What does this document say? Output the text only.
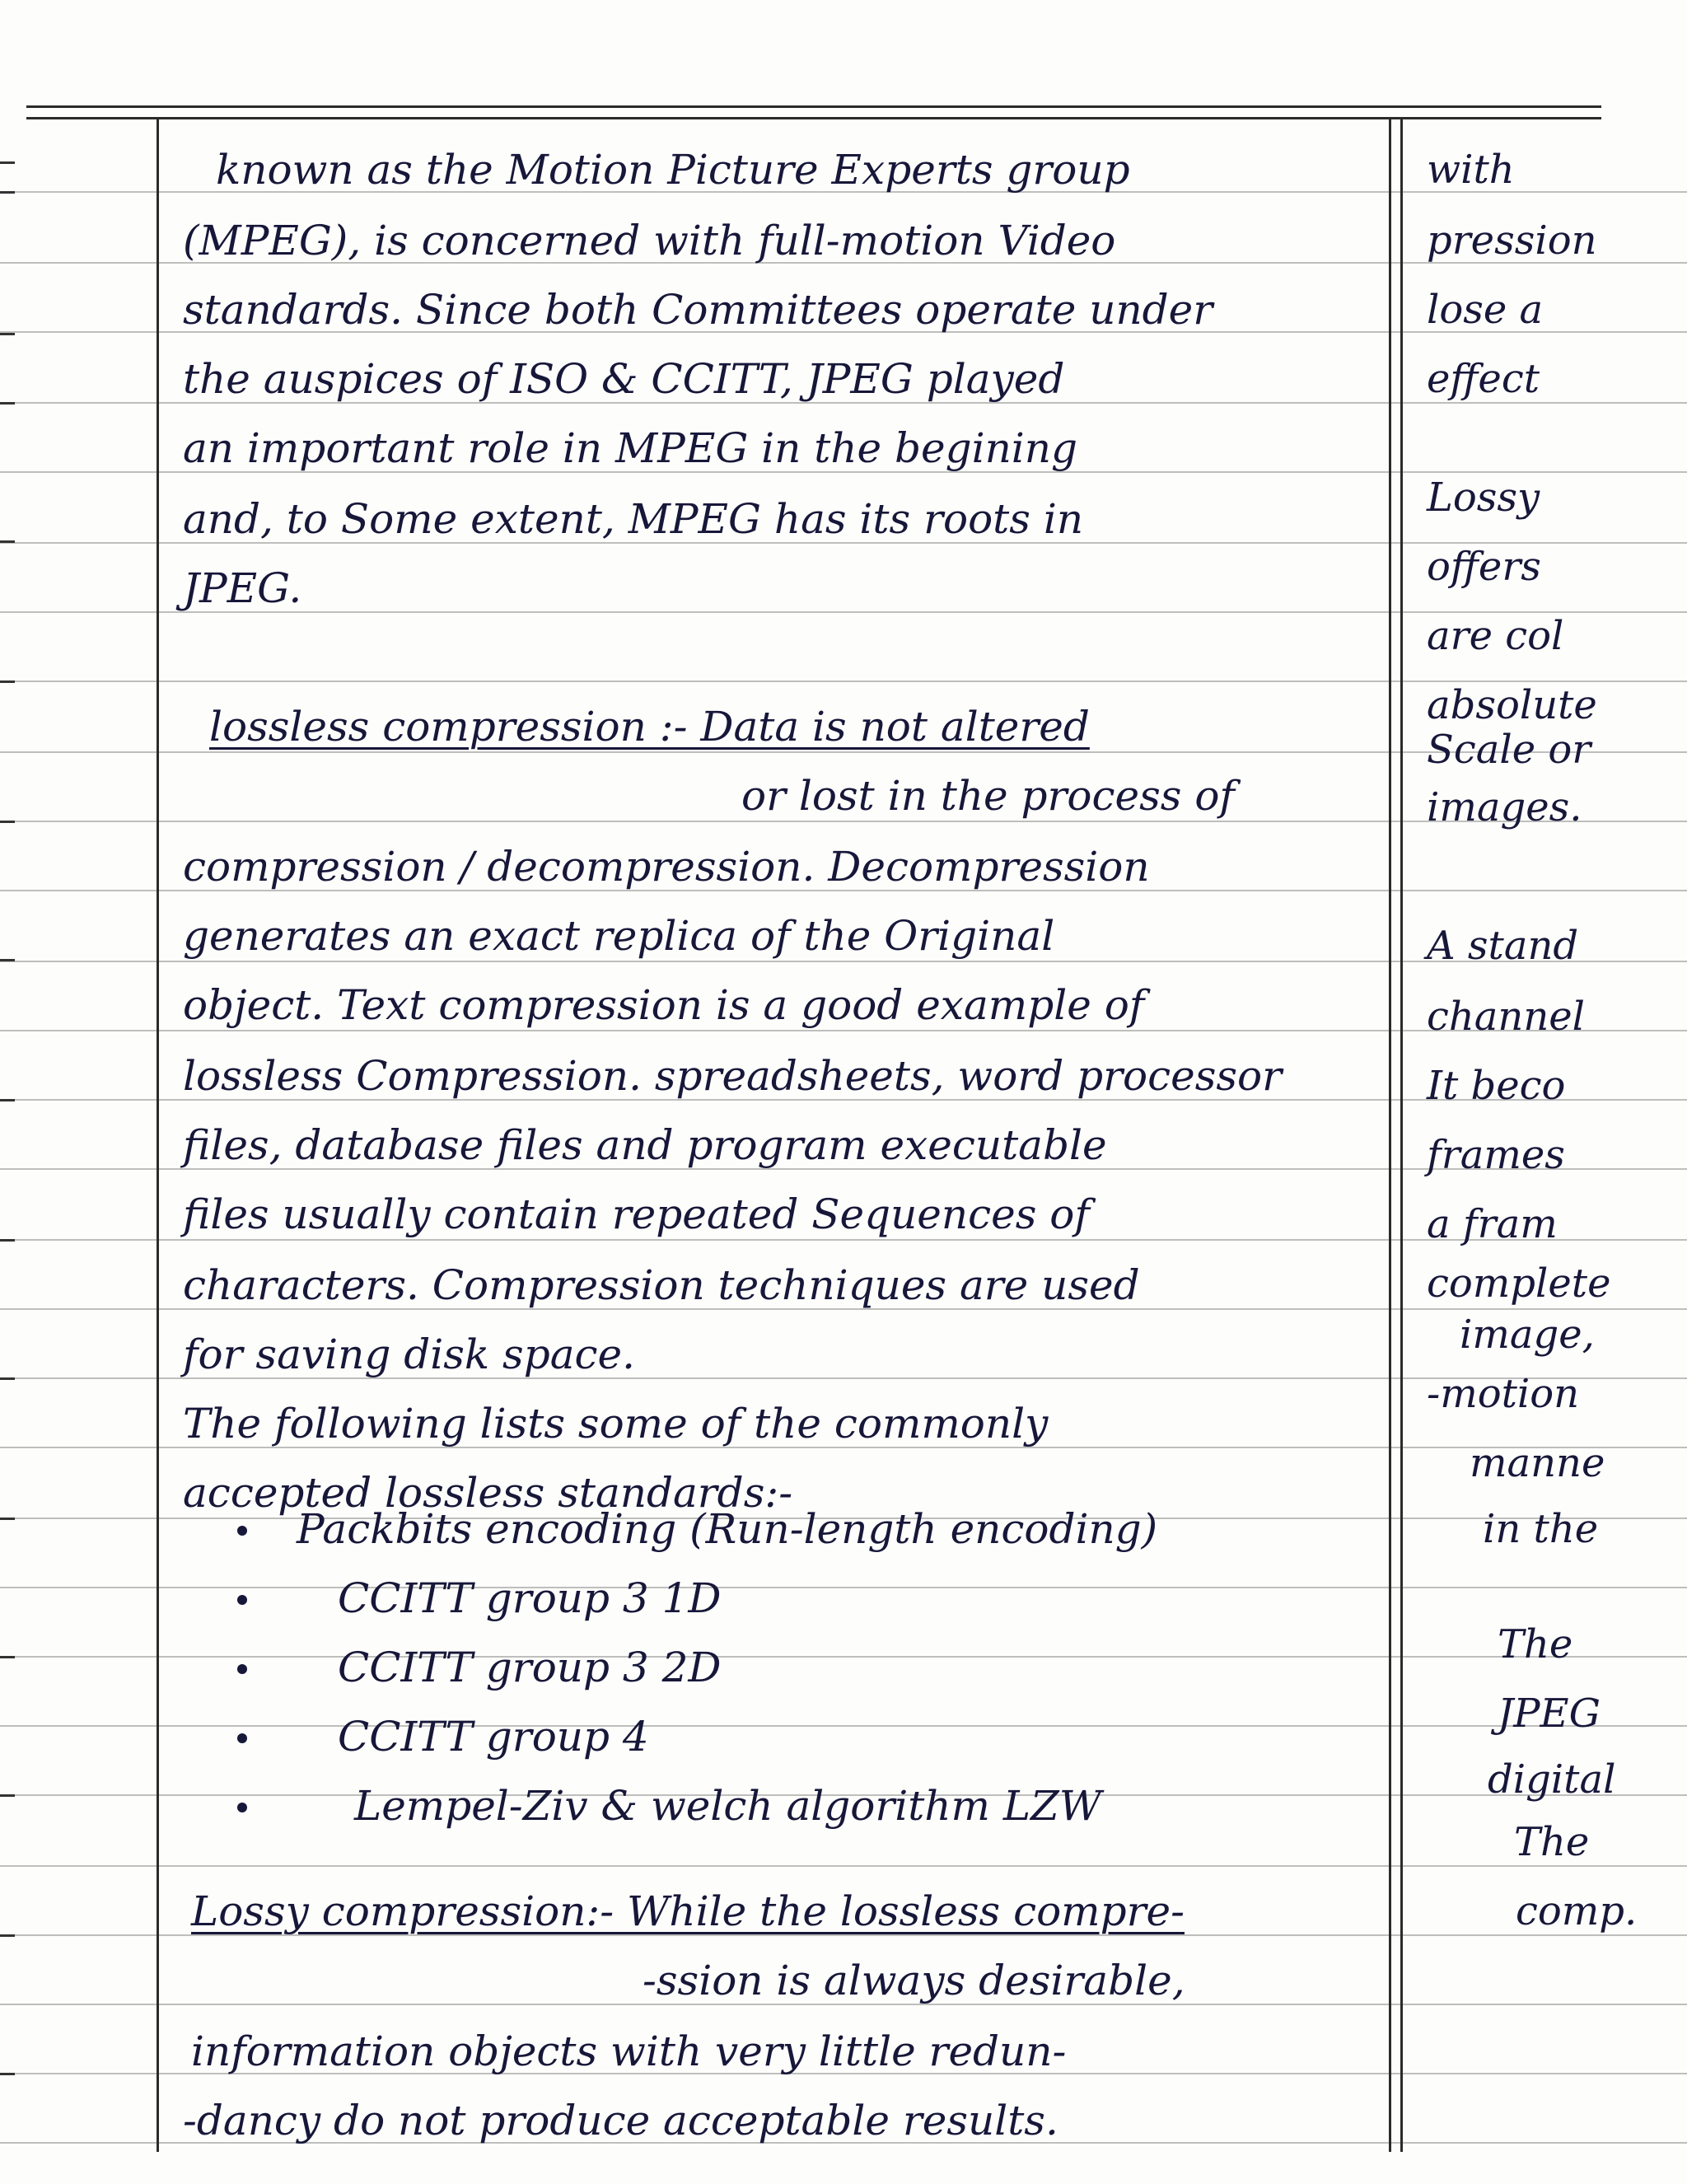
known as the Motion Picture Experts group
(MPEG), is concerned with full-motion Video
standards. Since both Committees operate under
the auspices of ISO & CCITT, JPEG played
an important role in MPEG in the begining
and, to Some extent, MPEG has its roots in
JPEG.
lossless compression :- Data is not altered
or lost in the process of
compression / decompression. Decompression
generates an exact replica of the Original
object. Text compression is a good example of
lossless Compression. spreadsheets, word processor
files, database files and program executable
files usually contain repeated Sequences of
characters. Compression techniques are used
for saving disk space.
The following lists some of the commonly
accepted lossless standards:-
Packbits encoding (Run-length encoding)
CCITT group 3 1D
CCITT group 3 2D
CCITT group 4
Lempel-Ziv & welch algorithm LZW
Lossy compression:- While the lossless compre-
-ssion is always desirable,
information objects with very little redun-
-dancy do not produce acceptable results.
with
pression
lose a
effect
Lossy
offers
are col
absolute
Scale or
images.
A stand
channel
It beco
frames
a fram
complete
image,
-motion
manne
in the
The
JPEG
digital
The
comp.
